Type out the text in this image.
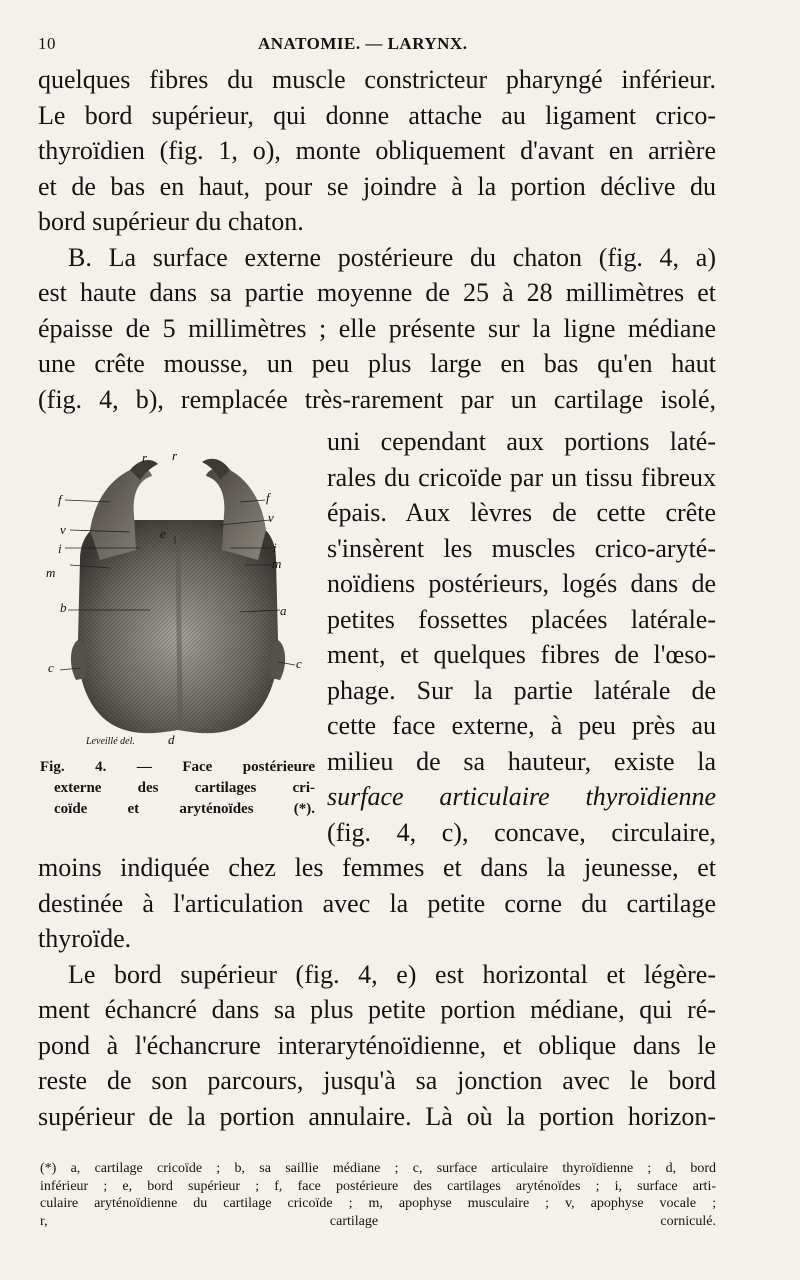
10	ANATOMIE. — LARYNX.
quelques fibres du muscle constricteur pharyngé inférieur.
Le bord supérieur, qui donne attache au ligament crico-
thyroïdien (fig. 1, o), monte obliquement d'avant en arrière
et de bas en haut, pour se joindre à la portion déclive du
bord supérieur du chaton.
B. La surface externe postérieure du chaton (fig. 4, a)
est haute dans sa partie moyenne de 25 à 28 millimètres et
épaisse de 5 millimètres ; elle présente sur la ligne médiane
une crête mousse, un peu plus large en bas qu'en haut
(fig. 4, b), remplacée très-rarement par un cartilage isolé,
r r
f	f
v
v
e
i	i
m
m
b	a
c	c
d
Leveillé del.
uni cependant aux portions laté-
rales du cricoïde par un tissu fibreux
épais. Aux lèvres de cette crête
s'insèrent les muscles crico-aryté-
noïdiens postérieurs, logés dans de
petites fossettes placées latérale-
ment, et quelques fibres de l'œso-
phage. Sur la partie latérale de
cette face externe, à peu près au
milieu de sa hauteur, existe la
surface articulaire thyroïdienne
(fig. 4, c), concave, circulaire,
Fig. 4. — Face postérieure
externe des cartilages cri-
coïde et aryténoïdes (*).
moins indiquée chez les femmes et dans la jeunesse, et
destinée à l'articulation avec la petite corne du cartilage
thyroïde.
Le bord supérieur (fig. 4, e) est horizontal et légère-
ment échancré dans sa plus petite portion médiane, qui ré-
pond à l'échancrure interaryténoïdienne, et oblique dans le
reste de son parcours, jusqu'à sa jonction avec le bord
supérieur de la portion annulaire. Là où la portion horizon-
(*) a, cartilage cricoïde ; b, sa saillie médiane ; c, surface articulaire thyroïdienne ; d, bord
inférieur ; e, bord supérieur ; f, face postérieure des cartilages aryténoïdes ; i, surface arti-
culaire aryténoïdienne du cartilage cricoïde ; m, apophyse musculaire ; v, apophyse vocale ;
r, cartilage corniculé.
